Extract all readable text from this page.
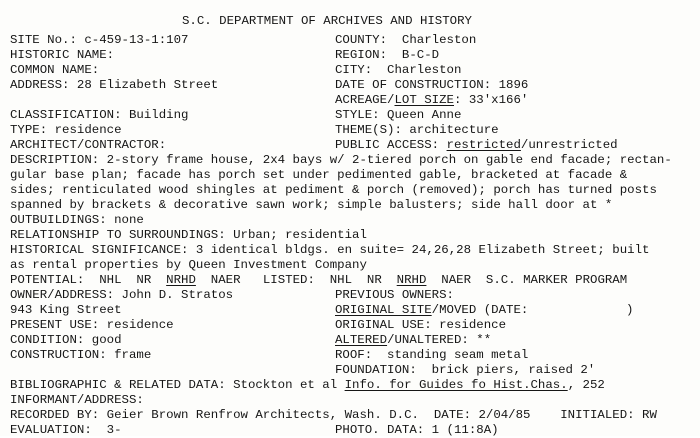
S.C. DEPARTMENT OF ARCHIVES AND HISTORY
SITE No.: c-459-13-1:107
HISTORIC NAME:
COMMON NAME:
ADDRESS: 28 Elizabeth Street
COUNTY:  Charleston
REGION:  B-C-D
CITY:  Charleston
DATE OF CONSTRUCTION: 1896
ACREAGE/LOT SIZE: 33'x166'
CLASSIFICATION: Building
TYPE: residence
ARCHITECT/CONTRACTOR:
STYLE: Queen Anne
THEME(S): architecture
PUBLIC ACCESS: restricted/unrestricted
DESCRIPTION: 2-story frame house, 2x4 bays w/ 2-tiered porch on gable end facade; rectan-
gular base plan; facade has porch set under pedimented gable, bracketed at facade &
sides; renticulated wood shingles at pediment & porch (removed); porch has turned posts
spanned by brackets & decorative sawn work; simple balusters; side hall door at *
OUTBUILDINGS: none
RELATIONSHIP TO SURROUNDINGS: Urban; residential
HISTORICAL SIGNIFICANCE: 3 identical bldgs. en suite= 24,26,28 Elizabeth Street; built
as rental properties by Queen Investment Company
POTENTIAL:  NHL  NR  NRHD  NAER   LISTED:  NHL  NR  NRHD  NAER  S.C. MARKER PROGRAM
OWNER/ADDRESS: John D. Stratos
943 King Street
PRESENT USE: residence
CONDITION: good
CONSTRUCTION: frame
PREVIOUS OWNERS:
ORIGINAL SITE/MOVED (DATE:	)
ORIGINAL USE: residence
ALTERED/UNALTERED: **
ROOF:  standing seam metal
FOUNDATION:  brick piers, raised 2'
BIBLIOGRAPHIC & RELATED DATA: Stockton et al Info. for Guides fo Hist.Chas., 252
INFORMANT/ADDRESS:
RECORDED BY: Geier Brown Renfrow Architects, Wash. D.C.  DATE: 2/04/85    INITIALED: RW
EVALUATION:  3-	PHOTO. DATA: 1 (11:8A)
